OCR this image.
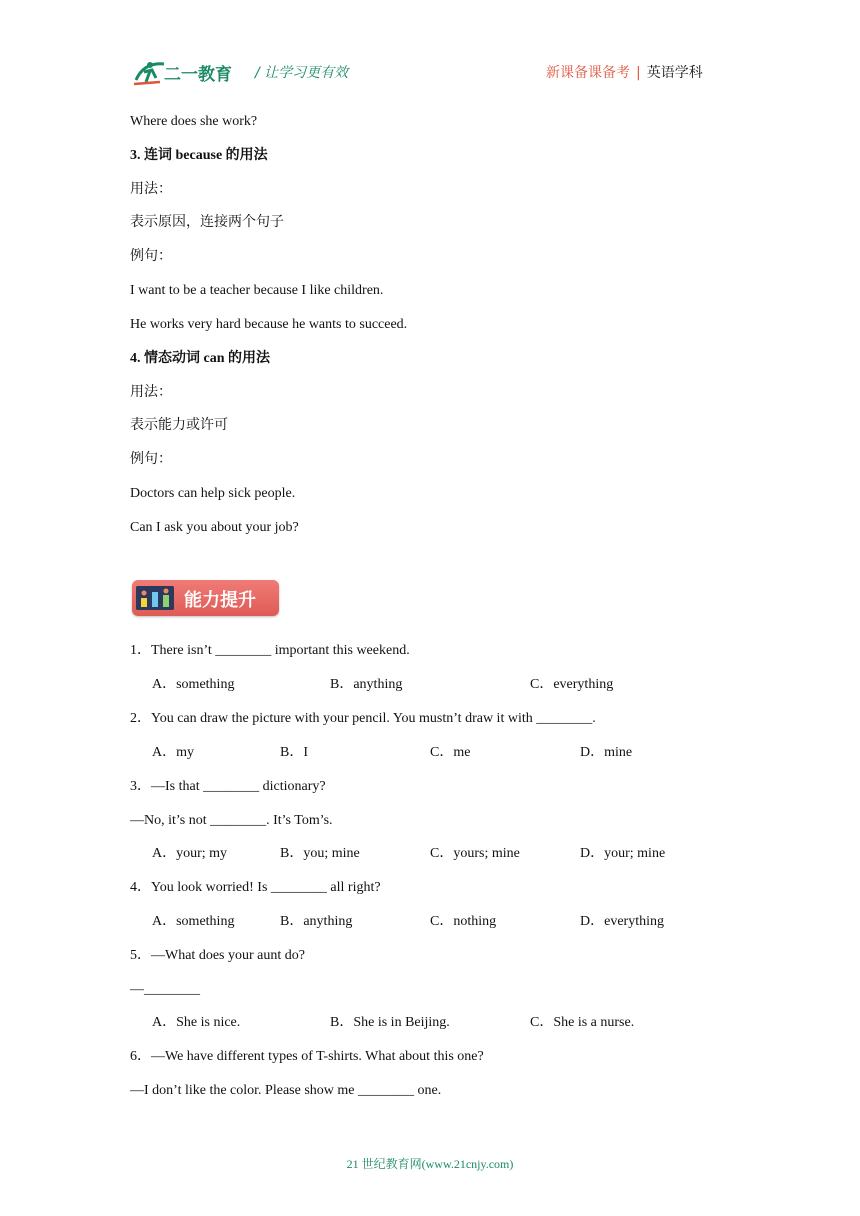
二一教育 / 让学习更有效	新课备课备考 | 英语学科
Where does she work?
3. 连词 because 的用法
用法：
表示原因，连接两个句子
例句：
I want to be a teacher because I like children.
He works very hard because he wants to succeed.
4. 情态动词 can 的用法
用法：
表示能力或许可
例句：
Doctors can help sick people.
Can I ask you about your job?
能力提升
1．There isn’t ________ important this weekend.
A．something	B．anything	C．everything
2．You can draw the picture with your pencil. You mustn’t draw it with ________.
A．my	B．I	C．me	D．mine
3．—Is that ________ dictionary?
—No, it’s not ________. It’s Tom’s.
A．your; my	B．you; mine	C．yours; mine	D．your; mine
4．You look worried! Is ________ all right?
A．something	B．anything	C．nothing	D．everything
5．—What does your aunt do?
—________
A．She is nice.	B．She is in Beijing.	C．She is a nurse.
6．—We have different types of T-shirts. What about this one?
—I don’t like the color. Please show me ________ one.
21 世纪教育网(www.21cnjy.com)
